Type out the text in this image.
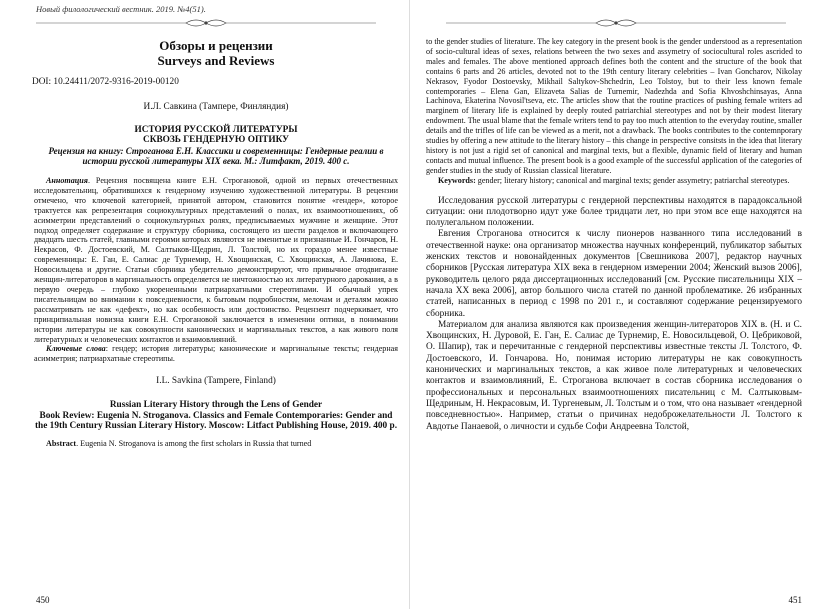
Новый филологический вестник. 2019. №4(51).

Обзоры и рецензии

Surveys and Reviews

DOI: 10.24411/2072-9316-2019-00120

И.Л. Савкина (Тампере, Финляндия)

ИСТОРИЯ РУССКОЙ ЛИТЕРАТУРЫ

СКВОЗЬ ГЕНДЕРНУЮ ОПТИКУ

Рецензия на книгу: Строганова Е.Н. Классики и современницы: Гендерные реалии в истории русской литературы XIX века. М.: Литфакт, 2019. 400 с.

Аннотация. Рецензия посвящена книге Е.Н. Строгановой, одной из первых отечественных исследовательниц, обратившихся к гендерному изучению художественной литературы. В рецензии отмечено, что ключевой категорией, принятой автором, становится понятие «гендер», которое трактуется как репрезентация социокультурных представлений о полах, их взаимоотношениях, об асимметрии представлений о социокультурных ролях, предписываемых мужчине и женщине. Этот подход определяет содержание и структуру сборника, состоящего из шести разделов и включающего двадцать шесть статей, главными героями которых являются не именитые и признанные И. Гончаров, Н. Некрасов, Ф. Достоевский, М. Салтыков-Щедрин, Л. Толстой, но их гораздо менее известные современницы: Е. Ган, Е. Салиас де Турнемир, Н. Хвощинская, С. Хвощинская, А. Лачинова, Е. Новосильцева и другие. Статьи сборника убедительно демонстрируют, что привычное отодвигание женщин-литераторов в маргинальность определяется не ничтожностью их литературного дарования, а в первую очередь – глубоко укорененными патриархатными стереотипами. И обычный упрек писательницам во внимании к повседневности, к бытовым подробностям, мелочам и деталям можно рассматривать не как «дефект», но как особенность или достоинство. Рецензент подчеркивает, что принципиальная новизна книги Е.Н. Строгановой заключается в изменении оптики, в понимании истории литературы не как совокупности канонических и маргинальных текстов, а как живого поля литературных и человеческих контактов и взаимовлияний.

Ключевые слова: гендер; история литературы; канонические и маргинальные тексты; гендерная асимметрия; патриархатные стереотипы.

I.L. Savkina (Tampere, Finland)

Russian Literary History through the Lens of Gender

Book Review: Eugenia N. Stroganova. Classics and Female Contemporaries: Gender and the 19th Century Russian Literary History. Moscow: Litfact Publishing House, 2019. 400 p.

Abstract. Eugenia N. Stroganova is among the first scholars in Russia that turned

450

to the gender studies of literature. The key category in the present book is the gender understood as a representation of socio-cultural ideas of sexes, relations between the two sexes and assymetry of sociocultural roles ascrided to males and females. The above mentioned approach defines both the content and the structure of the book that contains 6 parts and 26 articles, devoted not to the 19th century literary celebrities – Ivan Goncharov, Nikolay Nekrasov, Fyodor Dostoevsky, Mikhail Saltykov-Shchedrin, Leo Tolstoy, but to their less known female contemporaries – Elena Gan, Elizaveta Salias de Turnemir, Nadezhda and Sofia Khvoshchinsayas, Anna Lachinova, Ekaterina Novosil'tseva, etc. The articles show that the routine practices of pushing female writers ad marginem of literary life is explained by deeply routed patriarchial stereotypes and not by their modest literary endowment. The usual blame that the female writers tend to pay too much attention to the everyday routine, smaller details and the trifles of life can be viewed as a merit, not a drawback. The books contributes to the contemnporary studies by offering a new attitude to the literary history – this change in perspective consitsts in the idea that literary history is not just a rigid set of canonical and marginal texts, but a flexible, dynamic field of literary and human contacts and mutual influence. The present book is a good example of the successful application of the categories of gender studies in the study of Russian classical literature.

Keywords: gender; literary history; canonical and marginal texts; gender assymetry; patriarchal stereotypes.

Исследования русской литературы с гендерной перспективы находятся в парадоксальной ситуации: они плодотворно идут уже более тридцати лет, но при этом все еще находятся на полулегальном положении.

Евгения Строганова относится к числу пионеров названного типа исследований в отечественной науке: она организатор множества научных конференций, публикатор забытых женских текстов и новонайденных документов [Свешникова 2007], редактор научных сборников [Русская литература XIX века в гендерном измерении 2004; Женский вызов 2006], руководитель целого ряда диссертационных исследований [см. Русские писательницы XIX – начала XX века 2006], автор большого числа статей по данной проблематике. 26 избранных статей, написанных в период с 1998 по 201 г., и составляют содержание рецензируемого сборника.

Материалом для анализа являются как произведения женщин-литераторов XIX в. (Н. и С. Хвощинских, Н. Дуровой, Е. Ган, Е. Салиас де Турнемир, Е. Новосильцевой, О. Цебриковой, О. Шапир), так и перечитанные с гендерной перспективы известные тексты Л. Толстого, Ф. Достоевского, И. Гончарова. Но, понимая историю литературы не как совокупность канонических и маргинальных текстов, а как живое поле литературных и человеческих контактов и взаимовлияний, Е. Строганова включает в состав сборника исследования о профессиональных и персональных взаимоотношениях писательниц с М. Салтыковым-Щедриным, Н. Некрасовым, И. Тургеневым, Л. Толстым и о том, что она называет «гендерной повседневностью». Например, статьи о причинах недоброжелательности Л. Толстого к Авдотье Панаевой, о личности и судьбе Софи Андреевна Толстой,

451
